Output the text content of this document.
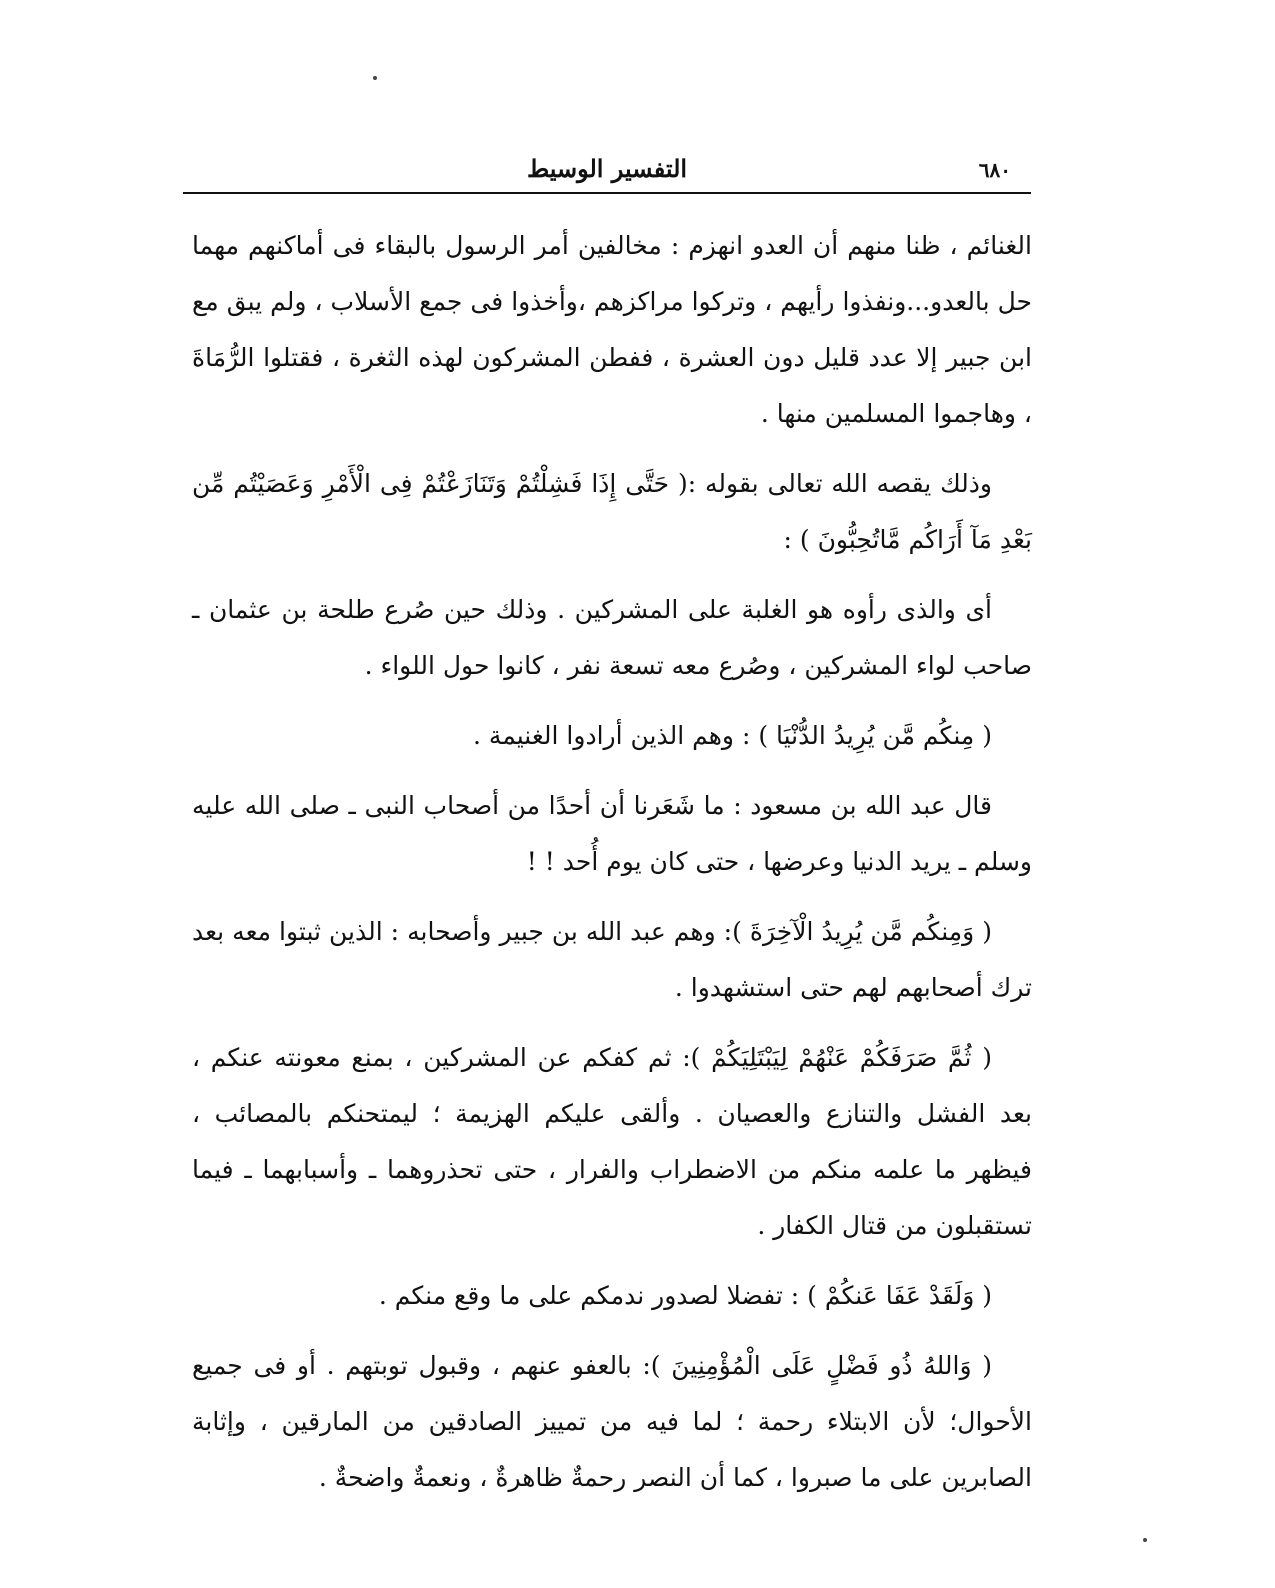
٦٨٠
التفسير الوسيط

الغنائم ، ظنا منهم أن العدو انهزم : مخالفين أمر الرسول بالبقاء فى أماكنهم مهما حل بالعدو...ونفذوا رأيهم ، وتركوا مراكزهم ،وأخذوا فى جمع الأسلاب ، ولم يبق مع ابن جبير إلا عدد قليل دون العشرة ، ففطن المشركون لهذه الثغرة ، فقتلوا الرُّمَاةَ ، وهاجموا المسلمين منها .

وذلك يقصه الله تعالى بقوله :( حَتَّى إِذَا فَشِلْتُمْ وَتَنَازَعْتُمْ فِى الْأَمْرِ وَعَصَيْتُم مِّن بَعْدِ مَآ أَرَاكُم مَّاتُحِبُّونَ ) :

أى والذى رأوه هو الغلبة على المشركين . وذلك حين صُرع طلحة بن عثمان ـ صاحب لواء المشركين ، وصُرع معه تسعة نفر ، كانوا حول اللواء .

( مِنكُم مَّن يُرِيدُ الدُّنْيَا ) : وهم الذين أرادوا الغنيمة .

قال عبد الله بن مسعود : ما شَعَرنا أن أحدًا من أصحاب النبى ـ صلى الله عليه وسلم ـ يريد الدنيا وعرضها ، حتى كان يوم أُحد ! !

( وَمِنكُم مَّن يُرِيدُ الْآخِرَةَ ): وهم عبد الله بن جبير وأصحابه : الذين ثبتوا معه بعد ترك أصحابهم لهم حتى استشهدوا .

( ثُمَّ صَرَفَكُمْ عَنْهُمْ لِيَبْتَلِيَكُمْ ): ثم كفكم عن المشركين ، بمنع معونته عنكم ، بعد الفشل والتنازع والعصيان . وألقى عليكم الهزيمة ؛ ليمتحنكم بالمصائب ، فيظهر ما علمه منكم من الاضطراب والفرار ، حتى تحذروهما ـ وأسبابهما ـ فيما تستقبلون من قتال الكفار .

( وَلَقَدْ عَفَا عَنكُمْ ) : تفضلا لصدور ندمكم على ما وقع منكم .

( وَاللهُ ذُو فَضْلٍ عَلَى الْمُؤْمِنِينَ ): بالعفو عنهم ، وقبول توبتهم . أو فى جميع الأحوال؛ لأن الابتلاء رحمة ؛ لما فيه من تمييز الصادقين من المارقين ، وإثابة الصابرين على ما صبروا ، كما أن النصر رحمةٌ ظاهرةٌ ، ونعمةٌ واضحةٌ .
